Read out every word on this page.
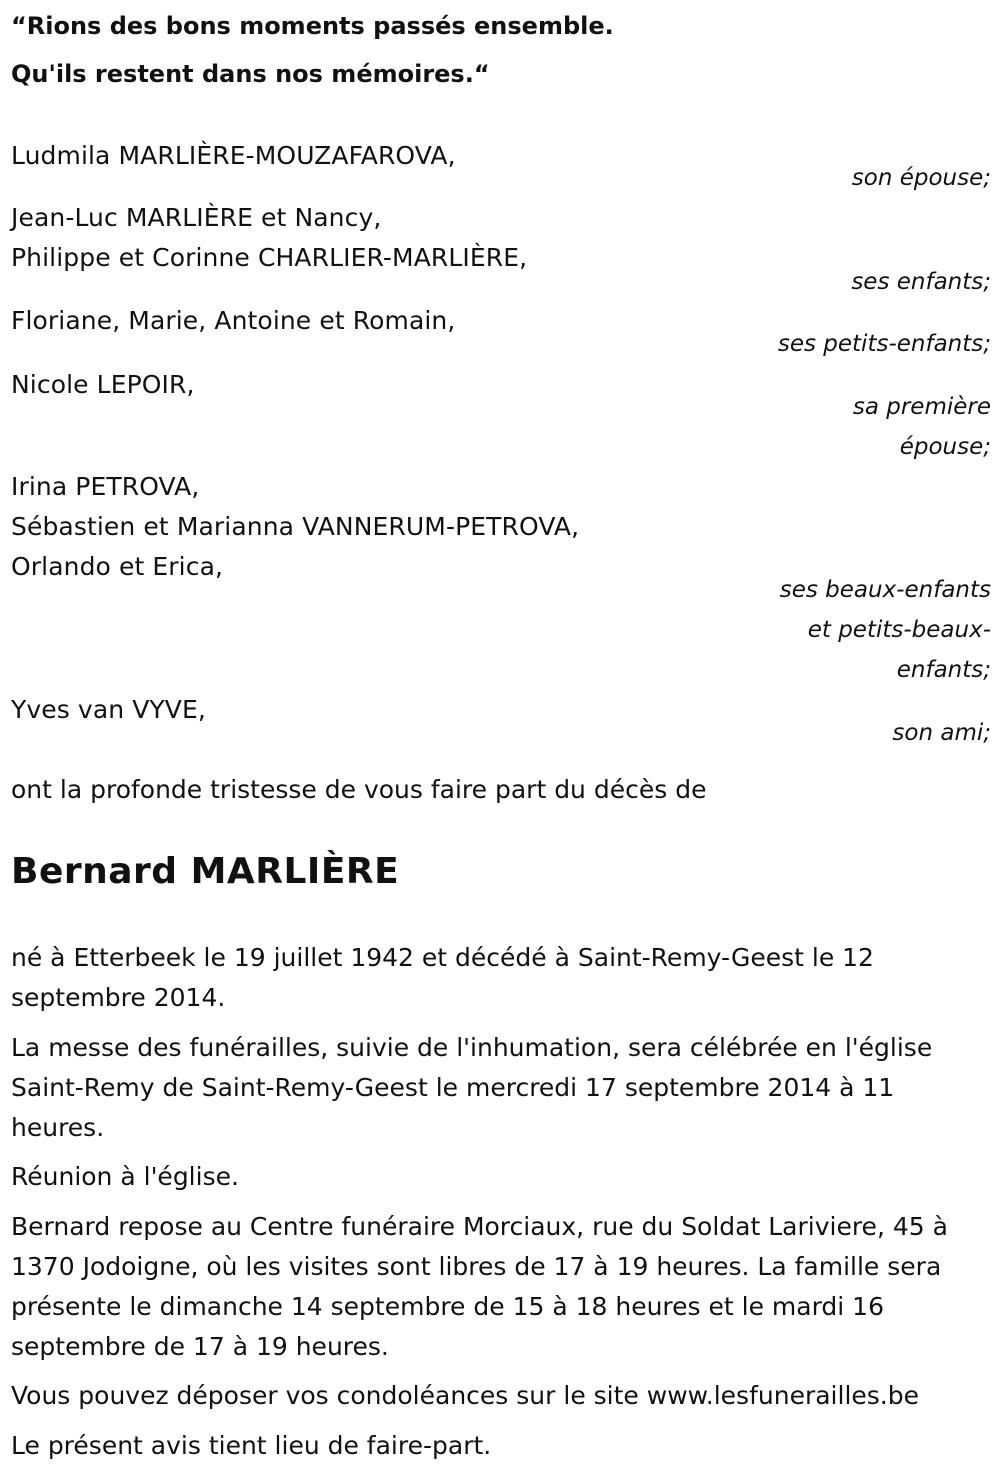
“Rions des bons moments passés ensemble.

Qu'ils restent dans nos mémoires.“

Ludmila MARLIÈRE-MOUZAFAROVA,
son épouse;
Jean-Luc MARLIÈRE et Nancy,
Philippe et Corinne CHARLIER-MARLIÈRE,
ses enfants;
Floriane, Marie, Antoine et Romain,
ses petits-enfants;
Nicole LEPOIR,
sa première
épouse;
Irina PETROVA,
Sébastien et Marianna VANNERUM-PETROVA,
Orlando et Erica,
ses beaux-enfants
et petits-beaux-
enfants;
Yves van VYVE,
son ami;
ont la profonde tristesse de vous faire part du décès de
Bernard MARLIÈRE
né à Etterbeek le 19 juillet 1942 et décédé à Saint-Remy-Geest le 12 septembre 2014.
La messe des funérailles, suivie de l'inhumation, sera célébrée en l'église Saint-Remy de Saint-Remy-Geest le mercredi 17 septembre 2014 à 11 heures.
Réunion à l'église.
Bernard repose au Centre funéraire Morciaux, rue du Soldat Lariviere, 45 à 1370 Jodoigne, où les visites sont libres de 17 à 19 heures. La famille sera présente le dimanche 14 septembre de 15 à 18 heures et le mardi 16 septembre de 17 à 19 heures.
Vous pouvez déposer vos condoléances sur le site www.lesfunerailles.be
Le présent avis tient lieu de faire-part.
